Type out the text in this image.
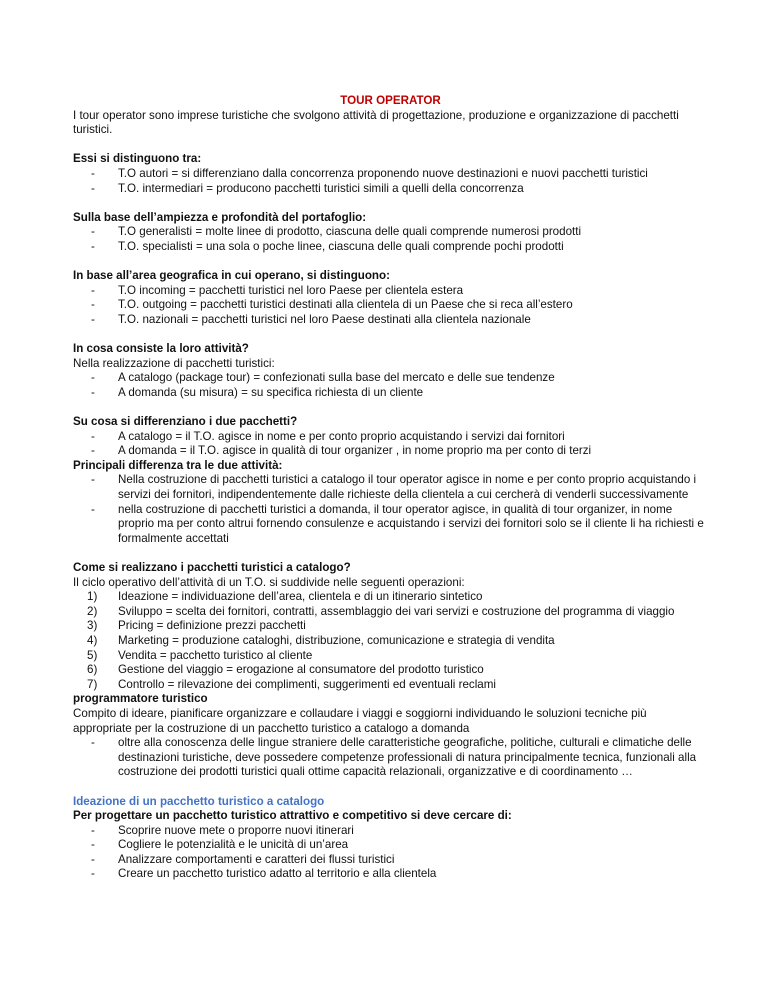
TOUR OPERATOR

I tour operator sono imprese turistiche che svolgono attività di progettazione, produzione e organizzazione di pacchetti turistici.

Essi si distinguono tra:

- T.O autori = si differenziano dalla concorrenza proponendo nuove destinazioni e nuovi pacchetti turistici
- T.O. intermediari = producono pacchetti turistici simili a quelli della concorrenza

Sulla base dell’ampiezza e profondità del portafoglio:

- T.O generalisti = molte linee di prodotto, ciascuna delle quali comprende numerosi prodotti
- T.O. specialisti = una sola o poche linee, ciascuna delle quali comprende pochi prodotti

In base all’area geografica in cui operano, si distinguono:

- T.O incoming = pacchetti turistici nel loro Paese per clientela estera
- T.O. outgoing = pacchetti turistici destinati alla clientela di un Paese che si reca all’estero
- T.O. nazionali = pacchetti turistici nel loro Paese destinati alla clientela nazionale

In cosa consiste la loro attività?

Nella realizzazione di pacchetti turistici:

- A catalogo (package tour) = confezionati sulla base del mercato e delle sue tendenze
- A domanda (su misura) = su specifica richiesta di un cliente

Su cosa si differenziano i due pacchetti?

- A catalogo = il T.O. agisce in nome e per conto proprio acquistando i servizi dai fornitori
- A domanda = il T.O. agisce in qualità di tour organizer , in nome proprio ma per conto di terzi

Principali differenza tra le due attività:

- Nella costruzione di pacchetti turistici a catalogo il tour operator agisce in nome e per conto proprio acquistando i servizi dei fornitori, indipendentemente dalle richieste della clientela a cui cercherà di venderli successivamente
- nella costruzione di pacchetti turistici a domanda, il tour operator agisce, in qualità di tour organizer, in nome proprio ma per conto altrui fornendo consulenze e acquistando i servizi dei fornitori solo se il cliente li ha richiesti e formalmente accettati

Come si realizzano i pacchetti turistici a catalogo?

Il ciclo operativo dell’attività di un T.O. si suddivide nelle seguenti operazioni:

1) Ideazione = individuazione dell’area, clientela e di un itinerario sintetico
2) Sviluppo = scelta dei fornitori, contratti, assemblaggio dei vari servizi e costruzione del programma di viaggio
3) Pricing = definizione prezzi pacchetti
4) Marketing = produzione cataloghi, distribuzione, comunicazione e strategia di vendita
5) Vendita = pacchetto turistico al cliente
6) Gestione del viaggio = erogazione al consumatore del prodotto turistico
7) Controllo = rilevazione dei complimenti, suggerimenti ed eventuali reclami

programmatore turistico

Compito di ideare, pianificare organizzare e collaudare i viaggi e soggiorni individuando le soluzioni tecniche più appropriate per la costruzione di un pacchetto turistico a catalogo a domanda

- oltre alla conoscenza delle lingue straniere delle caratteristiche geografiche, politiche, culturali e climatiche delle destinazioni turistiche, deve possedere competenze professionali di natura principalmente tecnica, funzionali alla costruzione dei prodotti turistici quali ottime capacità relazionali, organizzative e di coordinamento …

Ideazione di un pacchetto turistico a catalogo

Per progettare un pacchetto turistico attrattivo e competitivo si deve cercare di:

- Scoprire nuove mete o proporre nuovi itinerari
- Cogliere le potenzialità e le unicità di un’area
- Analizzare comportamenti e caratteri dei flussi turistici
- Creare un pacchetto turistico adatto al territorio e alla clientela
